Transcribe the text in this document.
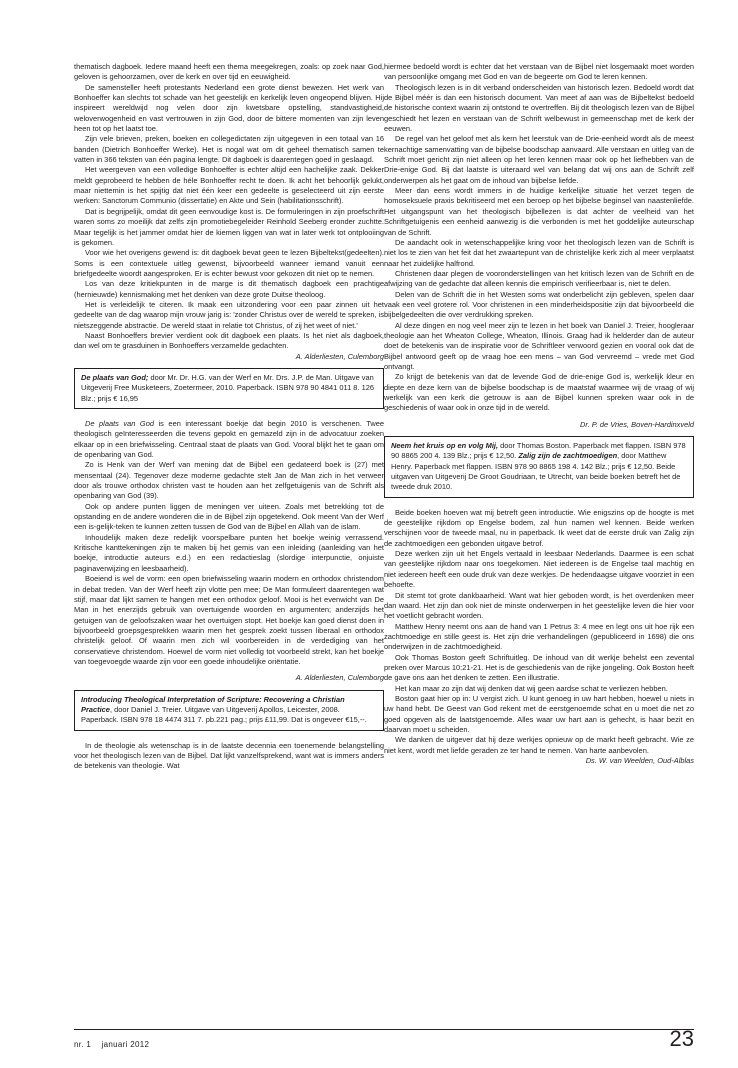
thematisch dagboek. Iedere maand heeft een thema meegekregen, zoals: op zoek naar God, geloven is gehoorzamen, over de kerk en over tijd en eeuwigheid.

De samensteller heeft protestants Nederland een grote dienst bewezen. Het werk van Bonhoeffer kan slechts tot schade van het geestelijk en kerkelijk leven ongeopend blijven. Hij inspireert wereldwijd nog velen door zijn kwetsbare opstelling, standvastigheid, weloverwogenheid en vast vertrouwen in zijn God, door de bittere momenten van zijn leven heen tot op het laatst toe.

Zijn vele brieven, preken, boeken en collegedictaten zijn uitgegeven in een totaal van 16 banden (Dietrich Bonhoeffer Werke). Het is nogal wat om dit geheel thematisch samen te vatten in 366 teksten van één pagina lengte. Dit dagboek is daarentegen goed in geslaagd.

Het weergeven van een volledige Bonhoeffer is echter altijd een hachelijke zaak. Dekker meldt geprobeerd te hebben de héle Bonhoeffer recht te doen. Ik acht het behoorlijk gelukt, maar niettemin is het spijtig dat niet één keer een gedeelte is geselecteerd uit zijn eerste werken: Sanctorum Communio (dissertatie) en Akte und Sein (habilitationsschrift).

Dat is begrijpelijk, omdat dit geen eenvoudige kost is. De formuleringen in zijn proefschrift waren soms zo moeilijk dat zelfs zijn promotiebegeleider Reinhold Seeberg eronder zuchtte. Maar tegelijk is het jammer omdat hier de kiemen liggen van wat in later werk tot ontplooiing is gekomen.

Voor wie het overigens gewend is: dit dagboek bevat geen te lezen Bijbeltekst(gedeelten). Soms is een contextuele uitleg gewenst, bijvoorbeeld wanneer iemand vanuit een briefgedeelte woordt aangesproken. Er is echter bewust voor gekozen dit niet op te nemen.

Los van deze kritiekpunten in de marge is dit thematisch dagboek een prachtige (hernieuwde) kennismaking met het denken van deze grote Duitse theoloog.

Het is verleidelijk te citeren. Ik maak een uitzondering voor een paar zinnen uit het gedeelte van de dag waarop mijn vrouw jarig is: 'zonder Christus over de wereld te spreken, is nietszeggende abstractie. De wereld staat in relatie tot Christus, of zij het weet of niet.'

Naast Bonhoeffers brevier verdient ook dit dagboek een plaats. Is het niet als dagboek, dan wel om te grasduinen in Bonhoeffers verzamelde gedachten.

A. Alderliesten, Culemborg

De plaats van God; door Mr. Dr. H.G. van der Werf en Mr. Drs. J.P. de Man. Uitgave van Uitgeverij Free Musketeers, Zoetermeer, 2010. Paperback. ISBN 978 90 4841 011 8. 126 Blz.; prijs € 16,95

De plaats van God is een interessant boekje dat begin 2010 is verschenen. Twee theologisch geïnteresseerden die tevens gepokt en gemazeld zijn in de advocatuur zoeken elkaar op in een briefwisseling. Centraal staat de plaats van God. Vooral blijkt het te gaan om de openbaring van God.

Zo is Henk van der Werf van mening dat de Bijbel een gedateerd boek is (27) met mensentaal (24). Tegenover deze moderne gedachte stelt Jan de Man zich in het verweer door als trouwe orthodox christen vast te houden aan het zelfgetuigenis van de Schrift als openbaring van God (39).

Ook op andere punten liggen de meningen ver uiteen. Zoals met betrekking tot de opstanding en de andere wonderen die in de Bijbel zijn opgetekend. Ook meent Van der Werf een is-gelijk-teken te kunnen zetten tussen de God van de Bijbel en Allah van de islam.

Inhoudelijk maken deze redelijk voorspelbare punten het boekje weinig verrassend. Kritische kanttekeningen zijn te maken bij het gemis van een inleiding (aanleiding van het boekje, introductie auteurs e.d.) en een redactieslag (slordige interpunctie, onjuiste paginaverwijzing en leesbaarheid).

Boeiend is wel de vorm: een open briefwisseling waarin modern en orthodox christendom in debat treden. Van der Werf heeft zijn vlotte pen mee; De Man formuleert daarentegen wat stijf, maar dat lijkt samen te hangen met een orthodox geloof. Mooi is het evenwicht van De Man in het enerzijds gebruik van overtuigende woorden en argumenten; anderzijds het getuigen van de geloofszaken waar het overtuigen stopt. Het boekje kan goed dienst doen in bijvoorbeeld groepsgesprekken waarin men het gesprek zoekt tussen liberaal en orthodox christelijk geloof. Of waarin men zich wil voorbereiden in de verdediging van het conservatieve christendom. Hoewel de vorm niet volledig tot voorbeeld strekt, kan het boekje van toegevoegde waarde zijn voor een goede inhoudelijke oriëntatie.

A. Alderliesten, Culemborg

Introducing Theological Interpretation of Scripture: Recovering a Christian Practice, door Daniel J. Treier. Uitgave van Uitgeverij Apollos, Leicester, 2008. Paperback. ISBN 978 18 4474 311 7. pb.221 pag.; prijs £11,99. Dat is ongeveer €15,--.

In de theologie als wetenschap is in de laatste decennia een toenemende belangstelling voor het theologisch lezen van de Bijbel. Dat lijkt vanzelfsprekend, want wat is immers anders de betekenis van theologie. Wat

hiermee bedoeld wordt is echter dat het verstaan van de Bijbel niet losgemaakt moet worden van persoonlijke omgang met God en van de begeerte om God te leren kennen.

Theologisch lezen is in dit verband onderscheiden van historisch lezen. Bedoeld wordt dat de Bijbel méér is dan een historisch document. Van meet af aan was de Bijbeltekst bedoeld de historische context waarin zij ontstond te overtreffen. Bij dit theologisch lezen van de Bijbel geschiedt het lezen en verstaan van de Schrift welbewust in gemeenschap met de kerk der eeuwen.

De regel van het geloof met als kern het leerstuk van de Drie-eenheid wordt als de meest kernachtige samenvatting van de bijbelse boodschap aanvaard. Alle verstaan en uitleg van de Schrift moet gericht zijn niet alleen op het leren kennen maar ook op het liefhebben van de Drie-enige God. Bij dat laatste is uiteraard wel van belang dat wij ons aan de Schrift zelf onderwerpen als het gaat om de inhoud van bijbelse liefde.

Meer dan eens wordt immers in de huidige kerkelijke situatie het verzet tegen de homoseksuele praxis bekritiseerd met een beroep op het bijbelse beginsel van naastenliefde. Het uitgangspunt van het theologisch bijbellezen is dat achter de veelheid van het Schriftgetuigenis een eenheid aanwezig is die verbonden is met het goddelijke auteurschap van de Schrift.

De aandacht ook in wetenschappelijke kring voor het theologisch lezen van de Schrift is niet los te zien van het feit dat het zwaartepunt van de christelijke kerk zich al meer verplaatst naar het zuidelijke halfrond.

Christenen daar plegen de vooronderstellingen van het kritisch lezen van de Schrift en de afwijzing van de gedachte dat alleen kennis die empirisch verifieerbaar is, niet te delen.

Delen van de Schrift die in het Westen soms wat onderbelicht zijn gebleven, spelen daar vaak een veel grotere rol. Voor christenen in een minderheidspositie zijn dat bijvoorbeeld die bijbelgedeelten die over verdrukking spreken.

Al deze dingen en nog veel meer zijn te lezen in het boek van Daniel J. Treier, hoogleraar theologie aan het Wheaton College, Wheaton, Illinois. Graag had ik helderder dan de auteur doet de betekenis van de inspiratie voor de Schriftleer verwoord gezien en vooral ook dat de Bijbel antwoord geeft op de vraag hoe een mens – van God vervreemd – vrede met God ontvangt.

Zo krijgt de betekenis van dat de levende God de drie-enige God is, werkelijk kleur en diepte en deze kern van de bijbelse boodschap is de maatstaf waarmee wij de vraag of wij werkelijk van een kerk die getrouw is aan de Bijbel kunnen spreken waar ook in de geschiedenis of waar ook in onze tijd in de wereld.

Dr. P. de Vries, Boven-Hardinxveld

Neem het kruis op en volg Mij, door Thomas Boston. Paperback met flappen. ISBN 978 90 8865 200 4. 139 Blz.; prijs € 12,50. Zalig zijn de zachtmoedigen, door Matthew Henry. Paperback met flappen. ISBN 978 90 8865 198 4. 142 Blz.; prijs € 12,50. Beide uitgaven van Uitgeverij De Groot Goudriaan, te Utrecht, van beide boeken betreft het de tweede druk 2010.

Beide boeken hoeven wat mij betreft geen introductie. Wie enigszins op de hoogte is met de geestelijke rijkdom op Engelse bodem, zal hun namen wel kennen. Beide werken verschijnen voor de tweede maal, nu in paperback. Ik weet dat de eerste druk van Zalig zijn de zachtmoedigen een gebonden uitgave betrof.

Deze werken zijn uit het Engels vertaald in leesbaar Nederlands. Daarmee is een schat van geestelijke rijkdom naar ons toegekomen. Niet iedereen is de Engelse taal machtig en niet iedereen heeft een oude druk van deze werkjes. De hedendaagse uitgave voorziet in een behoefte.

Dit stemt tot grote dankbaarheid. Want wat hier geboden wordt, is het overdenken meer dan waard. Het zijn dan ook niet de minste onderwerpen in het geestelijke leven die hier voor het voetlicht gebracht worden.

Matthew Henry neemt ons aan de hand van 1 Petrus 3: 4 mee en legt ons uit hoe rijk een zachtmoedige en stille geest is. Het zijn drie verhandelingen (gepubliceerd in 1698) die ons onderwijzen in de zachtmoedigheid.

Ook Thomas Boston geeft Schriftuitleg. De inhoud van dit werkje behelst een zevental preken over Marcus 10:21-21. Het is de geschiedenis van de rijke jongeling. Ook Boston heeft de gave ons aan het denken te zetten. Een illustratie.

Het kan maar zo zijn dat wij denken dat wij geen aardse schat te verliezen hebben.

Boston gaat hier op in: U vergist zich. U kunt genoeg in uw hart hebben, hoewel u niets in uw hand hebt. De Geest van God rekent met de eerstgenoemde schat en u moet die net zo goed opgeven als de laatstgenoemde. Alles waar uw hart aan is gehecht, is haar bezit en daarvan moet u scheiden.

We danken de uitgever dat hij deze werkjes opnieuw op de markt heeft gebracht. Wie ze niet kent, wordt met liefde geraden ze ter hand te nemen. Van harte aanbevolen.

Ds. W. van Weelden, Oud-Alblas

nr. 1 januari 2012	23
